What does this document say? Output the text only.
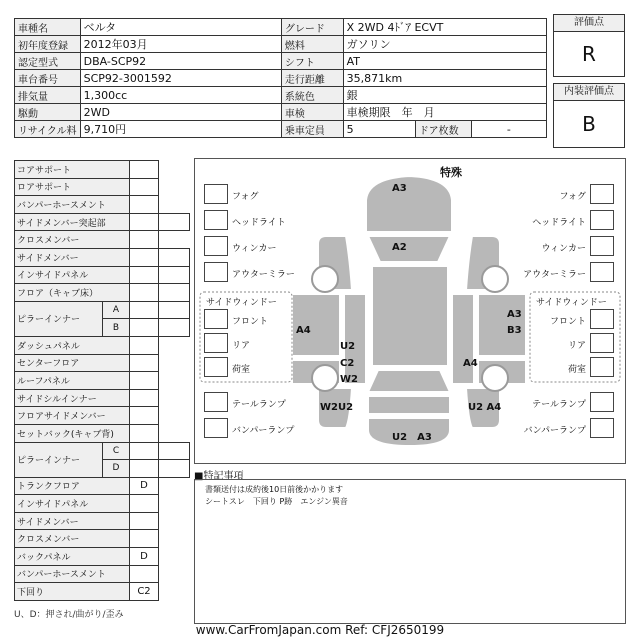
車種名	ベルタ	グレード	X 2WD 4ﾄﾞｱ ECVT		
初年度登録	2012年03月	燃料	ガソリン		
認定型式	DBA-SCP92	シフト	AT		
車台番号	SCP92-3001592	走行距離	35,871km		
排気量	1,300cc	系統色	銀		
駆動	2WD	車検	車検期限　年　月		
リサイクル料	9,710円	乗車定員	5	ドア枚数	-
評価点
R
内装評価点
B
コアサポート			
ロアサポート			
バンパーホースメント			
サイドメンバー突起部			
クロスメンバー			
サイドメンバー			
インサイドパネル			
フロア（キャブ床）			
ピラーインナー	A		
	B		
ダッシュパネル			
センターフロア			
ルーフパネル			
サイドシルインナー			
フロアサイドメンバー			
セットバック(キャブ背)			
ピラーインナー	C		
	D		
トランクフロア		D	
インサイドパネル			
サイドメンバー			
クロスメンバー			
バックパネル		D	
バンパーホースメント			
下回り		C2	
U、D：押され/曲がり/歪み
特殊
フォグ
ヘッドライト
ウィンカー
アウターミラー
フォグ
ヘッドライト
ウィンカー
アウターミラー
サイドウィンドー
フロント
リア
荷室
サイドウィンドー
フロント
リア
荷室
テールランプ
バンパーランプ
テールランプ
バンパーランプ
A3
A2
A4
U2
C2
W2
W2U2
A3
B3
A4
U2 A4
U2　A3
■特記事項
書類送付は成約後10日前後かかります
シートスレ　下回り P跡　エンジン異音
www.CarFromJapan.com Ref: CFJ2650199
